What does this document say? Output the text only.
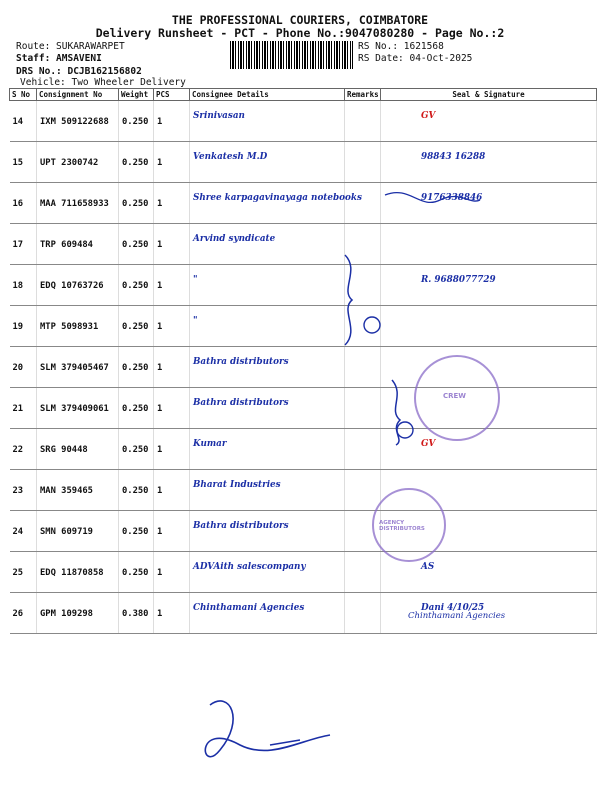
THE PROFESSIONAL COURIERS, COIMBATORE
Delivery Runsheet - PCT - Phone No.:9047080280 - Page No.:2
Route: SUKARAWARPET
Staff: AMSAVENI
DRS No.: DCJB162156802
Vehicle: Two Wheeler Delivery
RS No.: 1621568
RS Date: 04-Oct-2025
S No	Consignment No	Weight	PCS	Consignee Details	Remarks	Seal & Signature
14	IXM 509122688	0.250	1	Srinivasan		GV
15	UPT 2300742	0.250	1	Venkatesh M.D		98843 16288
16	MAA 711658933	0.250	1	Shree karpagavinayaga notebooks		9176338846
17	TRP 609484	0.250	1	Arvind syndicate		
18	EDQ 10763726	0.250	1	"		R. 9688077729
19	MTP 5098931	0.250	1	"		
20	SLM 379405467	0.250	1	Bathra distributors		
21	SLM 379409061	0.250	1	Bathra distributors		
22	SRG 90448	0.250	1	Kumar		GV
23	MAN 359465	0.250	1	Bharat Industries		
24	SMN 609719	0.250	1	Bathra distributors		
25	EDQ 11870858	0.250	1	ADVAith salescompany		AS
26	GPM 109298	0.380	1	Chinthamani Agencies		Dani 4/10/25
CREW
AGENCY DISTRIBUTORS
Chinthamani Agencies
